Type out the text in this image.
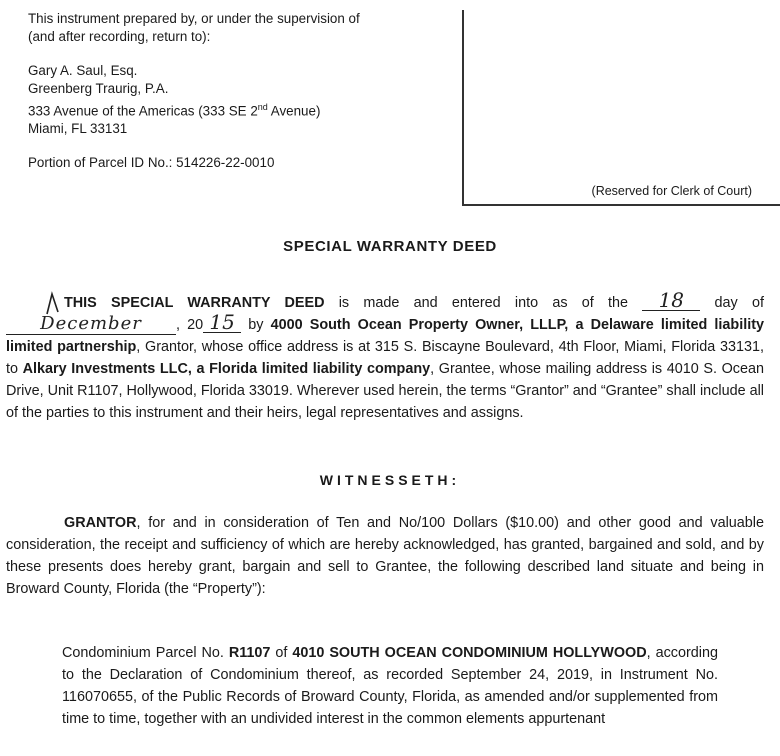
This instrument prepared by, or under the supervision of
(and after recording, return to):
Gary A. Saul, Esq.
Greenberg Traurig, P.A.
333 Avenue of the Americas (333 SE 2nd Avenue)
Miami, FL 33131
Portion of Parcel ID No.: 514226-22-0010
(Reserved for Clerk of Court)
SPECIAL WARRANTY DEED
THIS SPECIAL WARRANTY DEED is made and entered into as of the 18 day of December , 20 15 by 4000 South Ocean Property Owner, LLLP, a Delaware limited liability limited partnership, Grantor, whose office address is at 315 S. Biscayne Boulevard, 4th Floor, Miami, Florida 33131, to Alkary Investments LLC, a Florida limited liability company, Grantee, whose mailing address is 4010 S. Ocean Drive, Unit R1107, Hollywood, Florida 33019. Wherever used herein, the terms “Grantor” and “Grantee” shall include all of the parties to this instrument and their heirs, legal representatives and assigns.
WITNESSETH:
GRANTOR, for and in consideration of Ten and No/100 Dollars ($10.00) and other good and valuable consideration, the receipt and sufficiency of which are hereby acknowledged, has granted, bargained and sold, and by these presents does hereby grant, bargain and sell to Grantee, the following described land situate and being in Broward County, Florida (the “Property”):
Condominium Parcel No. R1107 of 4010 SOUTH OCEAN CONDOMINIUM HOLLYWOOD, according to the Declaration of Condominium thereof, as recorded September 24, 2019, in Instrument No. 116070655, of the Public Records of Broward County, Florida, as amended and/or supplemented from time to time, together with an undivided interest in the common elements appurtenant
